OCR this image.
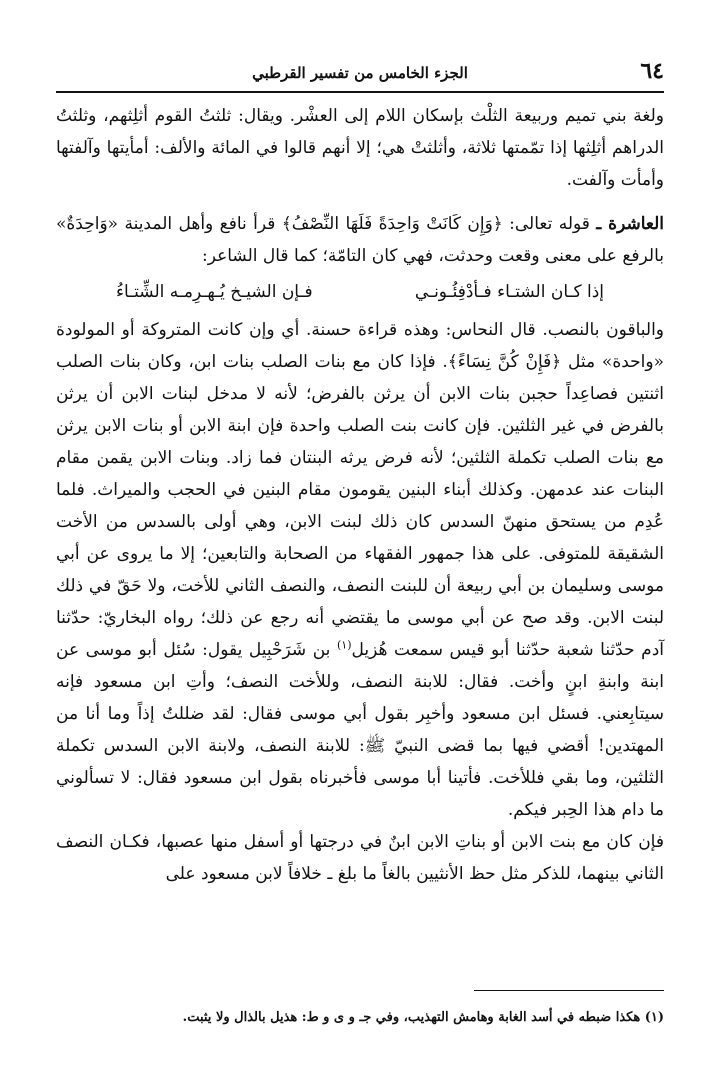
٦٤
الجزء الخامس من تفسير القرطبي

ولغة بني تميم وربيعة الثلْث بإسكان اللام إلى العشْر. ويقال: ثلثتُ القوم أثلِثهم، وثلثتُ الدراهم أثلِثها إذا تمّمتها ثلاثة، وأثلثتْ هي؛ إلا أنهم قالوا في المائة والألف: أمأيتها وآلفتها وأمأت وآلفت.

العاشرة ـ قوله تعالى: ﴿وَإِن كَانَتْ وَاحِدَةً فَلَهَا النِّصْفُ﴾ قرأ نافع وأهل المدينة «وَاحِدَةٌ» بالرفع على معنى وقعت وحدثت، فهي كان التامّة؛ كما قال الشاعر:

إذا كـان الشتـاء فـأدْفِئُـونـي
فـإن الشيـخ يُـهـرِمـه الشِّتـاءُ

والباقون بالنصب. قال النحاس: وهذه قراءة حسنة. أي وإن كانت المتروكة أو المولودة «واحدة» مثل ﴿فَإِنْ كُنَّ نِسَاءً﴾. فإذا كان مع بنات الصلب بنات ابن، وكان بنات الصلب اثنتين فصاعِداً حجبن بنات الابن أن يرثن بالفرض؛ لأنه لا مدخل لبنات الابن أن يرثن بالفرض في غير الثلثين. فإن كانت بنت الصلب واحدة فإن ابنة الابن أو بنات الابن يرثن مع بنات الصلب تكملة الثلثين؛ لأنه فرض يرثه البنتان فما زاد. وبنات الابن يقمن مقام البنات عند عدمهن. وكذلك أبناء البنين يقومون مقام البنين في الحجب والميراث. فلما عُدِم من يستحق منهنّ السدس كان ذلك لبنت الابن، وهي أولى بالسدس من الأخت الشقيقة للمتوفى. على هذا جمهور الفقهاء من الصحابة والتابعين؛ إلا ما يروى عن أبي موسى وسليمان بن أبي ربيعة أن للبنت النصف، والنصف الثاني للأخت، ولا حَقّ في ذلك لبنت الابن. وقد صح عن أبي موسى ما يقتضي أنه رجع عن ذلك؛ رواه البخاريّ: حدّثنا آدم حدّثنا شعبة حدّثنا أبو قيس سمعت هُزيل$^{(١)}$ بن شَرَحْبِيل يقول: سُئل أبو موسى عن ابنة وابنةِ ابنٍ وأخت. فقال: للابنة النصف، وللأخت النصف؛ وأتِ ابن مسعود فإنه سيتابِعني. فسئل ابن مسعود وأخبِر بقول أبي موسى فقال: لقد ضللتُ إذاً وما أنا من المهتدين! أقضي فيها بما قضى النبيّ ﷺ: للابنة النصف، ولابنة الابن السدس تكملة الثلثين، وما بقي فللأخت. فأتينا أبا موسى فأخبرناه بقول ابن مسعود فقال: لا تسألوني ما دام هذا الحِبر فيكم.

فإن كان مع بنت الابن أو بناتِ الابن ابنٌ في درجتها أو أسفل منها عصبها، فكـان النصف الثاني بينهما، للذكر مثل حظ الأنثيين بالغاً ما بلغ ـ خلافاً لابن مسعود على

(١) هكذا ضبطه في أسد الغابة وهامش التهذيب، وفي جـ و ى و ط: هذيل بالذال ولا يثبت.
